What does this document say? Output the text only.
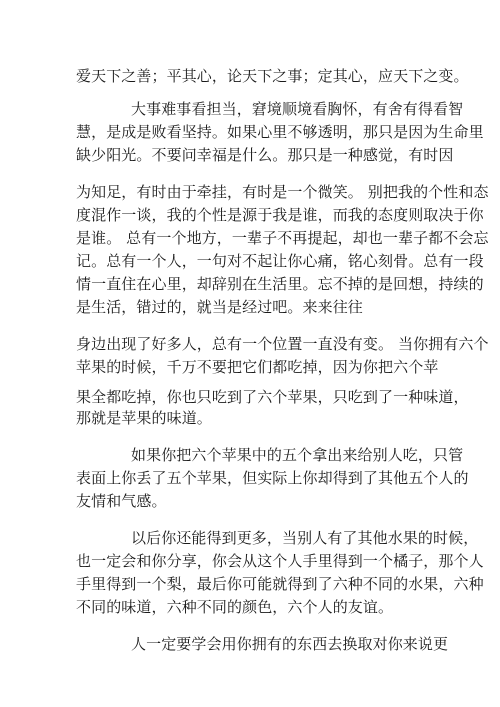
爱天下之善；平其心，论天下之事；定其心，应天下之变。
大事难事看担当，窘境顺境看胸怀，有舍有得看智
慧，是成是败看坚持。如果心里不够透明，那只是因为生命里
缺少阳光。不要问幸福是什么。那只是一种感觉，有时因
为知足，有时由于牵挂，有时是一个微笑。 别把我的个性和态
度混作一谈，我的个性是源于我是谁，而我的态度则取决于你
是谁。 总有一个地方，一辈子不再提起，却也一辈子都不会忘
记。总有一个人，一句对不起让你心痛，铭心刻骨。总有一段
情一直住在心里，却辞别在生活里。忘不掉的是回想，持续的
是生活，错过的，就当是经过吧。来来往往
身边出现了好多人，总有一个位置一直没有变。 当你拥有六个
苹果的时候，千万不要把它们都吃掉，因为你把六个苹
果全都吃掉，你也只吃到了六个苹果，只吃到了一种味道，
那就是苹果的味道。
如果你把六个苹果中的五个拿出来给别人吃，只管
表面上你丢了五个苹果，但实际上你却得到了其他五个人的
友情和气感。
以后你还能得到更多，当别人有了其他水果的时候，
也一定会和你分享，你会从这个人手里得到一个橘子，那个人
手里得到一个梨，最后你可能就得到了六种不同的水果，六种
不同的味道，六种不同的颜色，六个人的友谊。
人一定要学会用你拥有的东西去换取对你来说更
